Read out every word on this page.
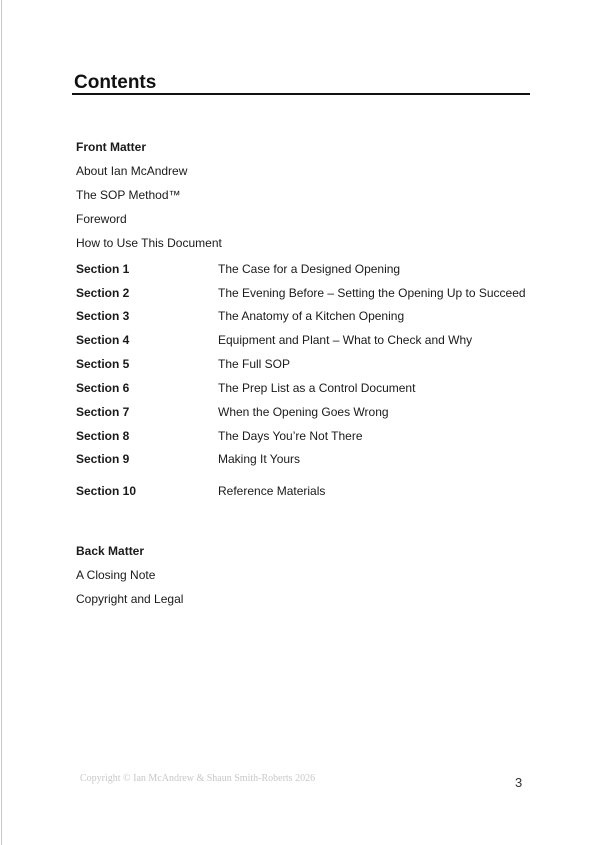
Contents
Front Matter
About Ian McAndrew
The SOP Method™
Foreword
How to Use This Document
Section 1	The Case for a Designed Opening
Section 2	The Evening Before – Setting the Opening Up to Succeed
Section 3	The Anatomy of a Kitchen Opening
Section 4	Equipment and Plant – What to Check and Why
Section 5	The Full SOP
Section 6	The Prep List as a Control Document
Section 7	When the Opening Goes Wrong
Section 8	The Days You’re Not There
Section 9	Making It Yours
Section 10	Reference Materials
Back Matter
A Closing Note
Copyright and Legal
Copyright © Ian McAndrew & Shaun Smith-Roberts 2026	3
